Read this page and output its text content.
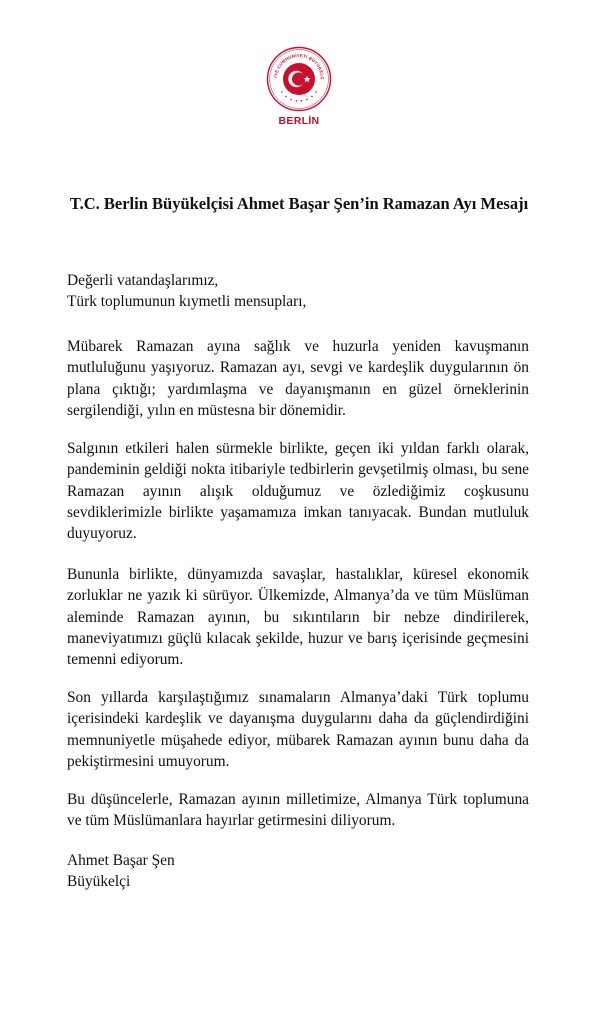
İYE CUMHURİYETİ BÜYÜKELÇ
BERLİN
T.C. Berlin Büyükelçisi Ahmet Başar Şen’in Ramazan Ayı Mesajı

Değerli vatandaşlarımız,

Türk toplumunun kıymetli mensupları,

Mübarek Ramazan ayına sağlık ve huzurla yeniden kavuşmanın mutluluğunu yaşıyoruz. Ramazan ayı, sevgi ve kardeşlik duygularının ön plana çıktığı; yardımlaşma ve dayanışmanın en güzel örneklerinin sergilendiği, yılın en müstesna bir dönemidir.

Salgının etkileri halen sürmekle birlikte, geçen iki yıldan farklı olarak, pandeminin geldiği nokta itibariyle tedbirlerin gevşetilmiş olması, bu sene Ramazan ayının alışık olduğumuz ve özlediğimiz coşkusunu sevdiklerimizle birlikte yaşamamıza imkan tanıyacak. Bundan mutluluk duyuyoruz.

Bununla birlikte, dünyamızda savaşlar, hastalıklar, küresel ekonomik zorluklar ne yazık ki sürüyor. Ülkemizde, Almanya’da ve tüm Müslüman aleminde Ramazan ayının, bu sıkıntıların bir nebze dindirilerek, maneviyatımızı güçlü kılacak şekilde, huzur ve barış içerisinde geçmesini temenni ediyorum.

Son yıllarda karşılaştığımız sınamaların Almanya’daki Türk toplumu içerisindeki kardeşlik ve dayanışma duygularını daha da güçlendirdiğini memnuniyetle müşahede ediyor, mübarek Ramazan ayının bunu daha da pekiştirmesini umuyorum.

Bu düşüncelerle, Ramazan ayının milletimize, Almanya Türk toplumuna ve tüm Müslümanlara hayırlar getirmesini diliyorum.

Ahmet Başar Şen

Büyükelçi
